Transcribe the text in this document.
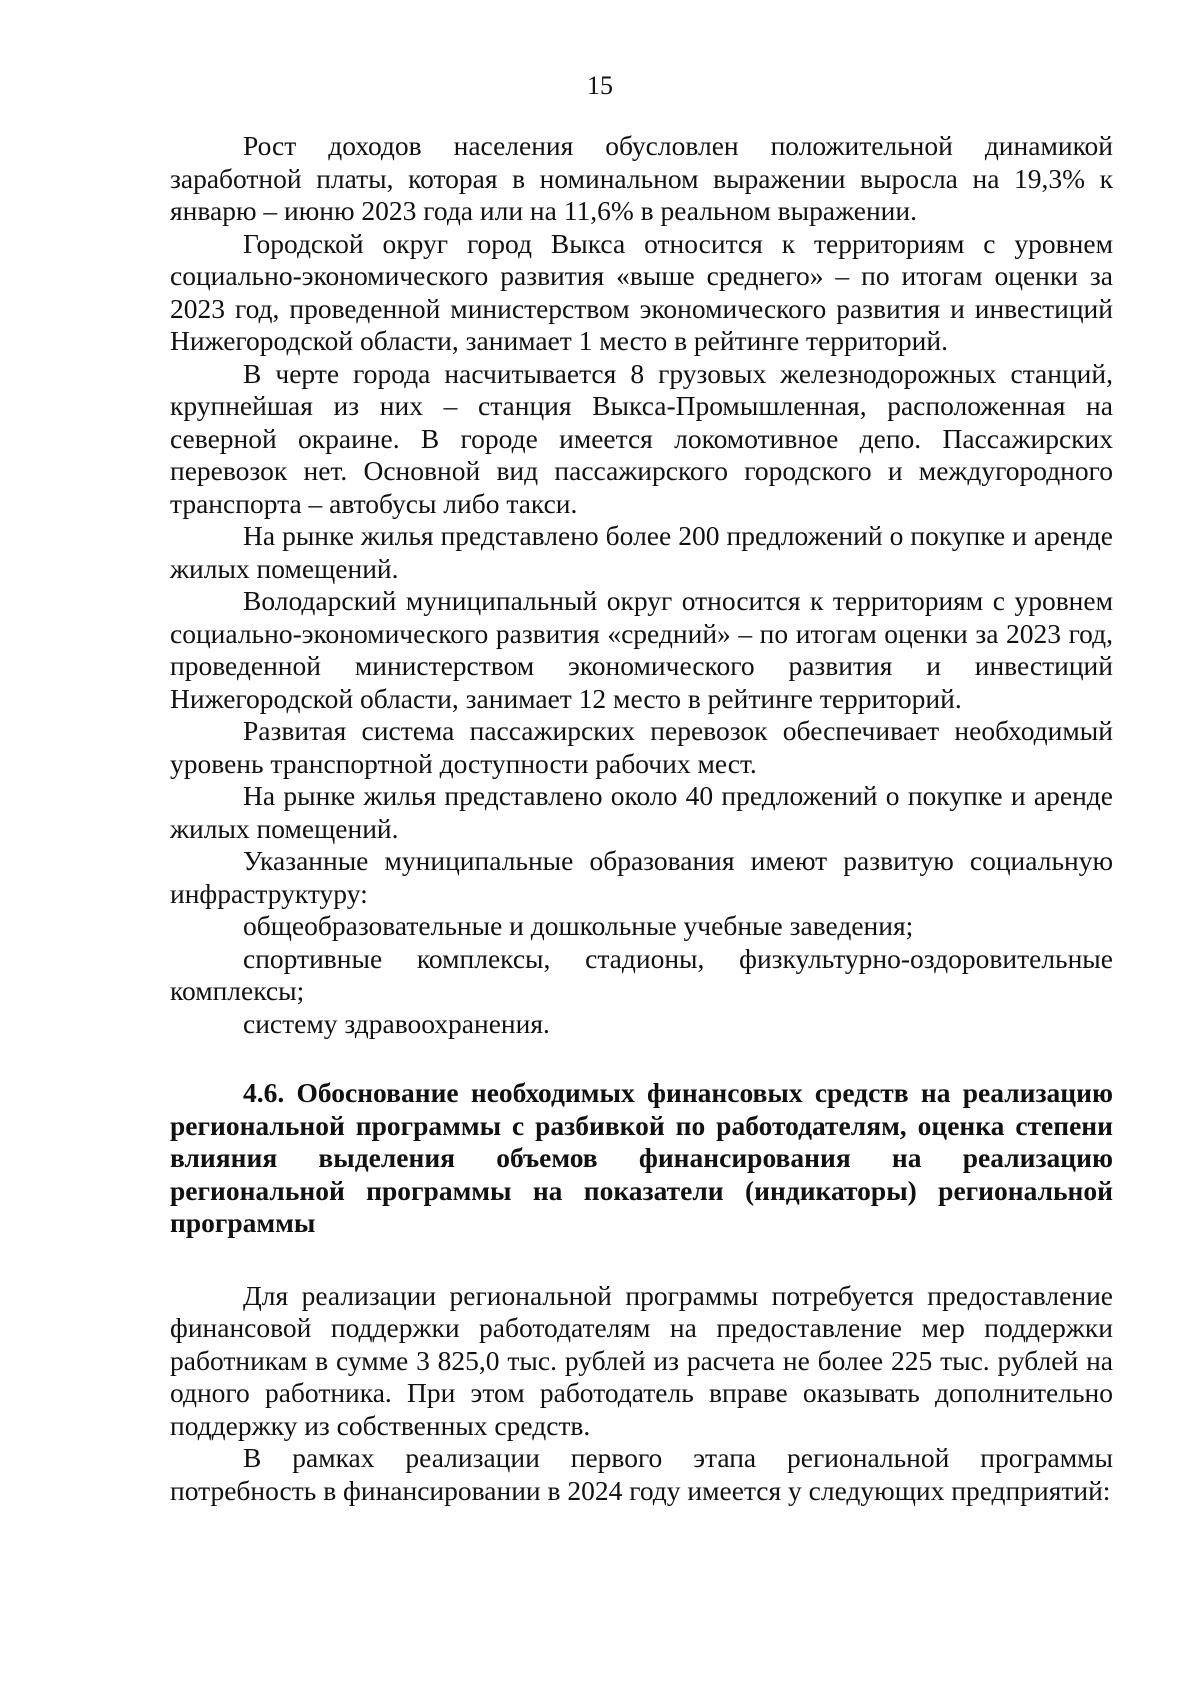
15

Рост доходов населения обусловлен положительной динамикой заработной платы, которая в номинальном выражении выросла на 19,3% к январю – июню 2023 года или на 11,6% в реальном выражении.

Городской округ город Выкса относится к территориям с уровнем социально-экономического развития «выше среднего» – по итогам оценки за 2023 год, проведенной министерством экономического развития и инвестиций Нижегородской области, занимает 1 место в рейтинге территорий.

В черте города насчитывается 8 грузовых железнодорожных станций, крупнейшая из них – станция Выкса-Промышленная, расположенная на северной окраине. В городе имеется локомотивное депо. Пассажирских перевозок нет. Основной вид пассажирского городского и междугородного транспорта – автобусы либо такси.

На рынке жилья представлено более 200 предложений о покупке и аренде жилых помещений.

Володарский муниципальный округ относится к территориям с уровнем социально-экономического развития «средний» – по итогам оценки за 2023 год, проведенной министерством экономического развития и инвестиций Нижегородской области, занимает 12 место в рейтинге территорий.

Развитая система пассажирских перевозок обеспечивает необходимый уровень транспортной доступности рабочих мест.

На рынке жилья представлено около 40 предложений о покупке и аренде жилых помещений.

Указанные муниципальные образования имеют развитую социальную инфраструктуру:

общеобразовательные и дошкольные учебные заведения;

спортивные комплексы, стадионы, физкультурно-оздоровительные комплексы;

систему здравоохранения.

4.6. Обоснование необходимых финансовых средств на реализацию региональной программы с разбивкой по работодателям, оценка степени влияния выделения объемов финансирования на реализацию региональной программы на показатели (индикаторы) региональной программы

Для реализации региональной программы потребуется предоставление финансовой поддержки работодателям на предоставление мер поддержки работникам в сумме 3 825,0 тыс. рублей из расчета не более 225 тыс. рублей на одного работника. При этом работодатель вправе оказывать дополнительно поддержку из собственных средств.

В рамках реализации первого этапа региональной программы потребность в финансировании в 2024 году имеется у следующих предприятий:
